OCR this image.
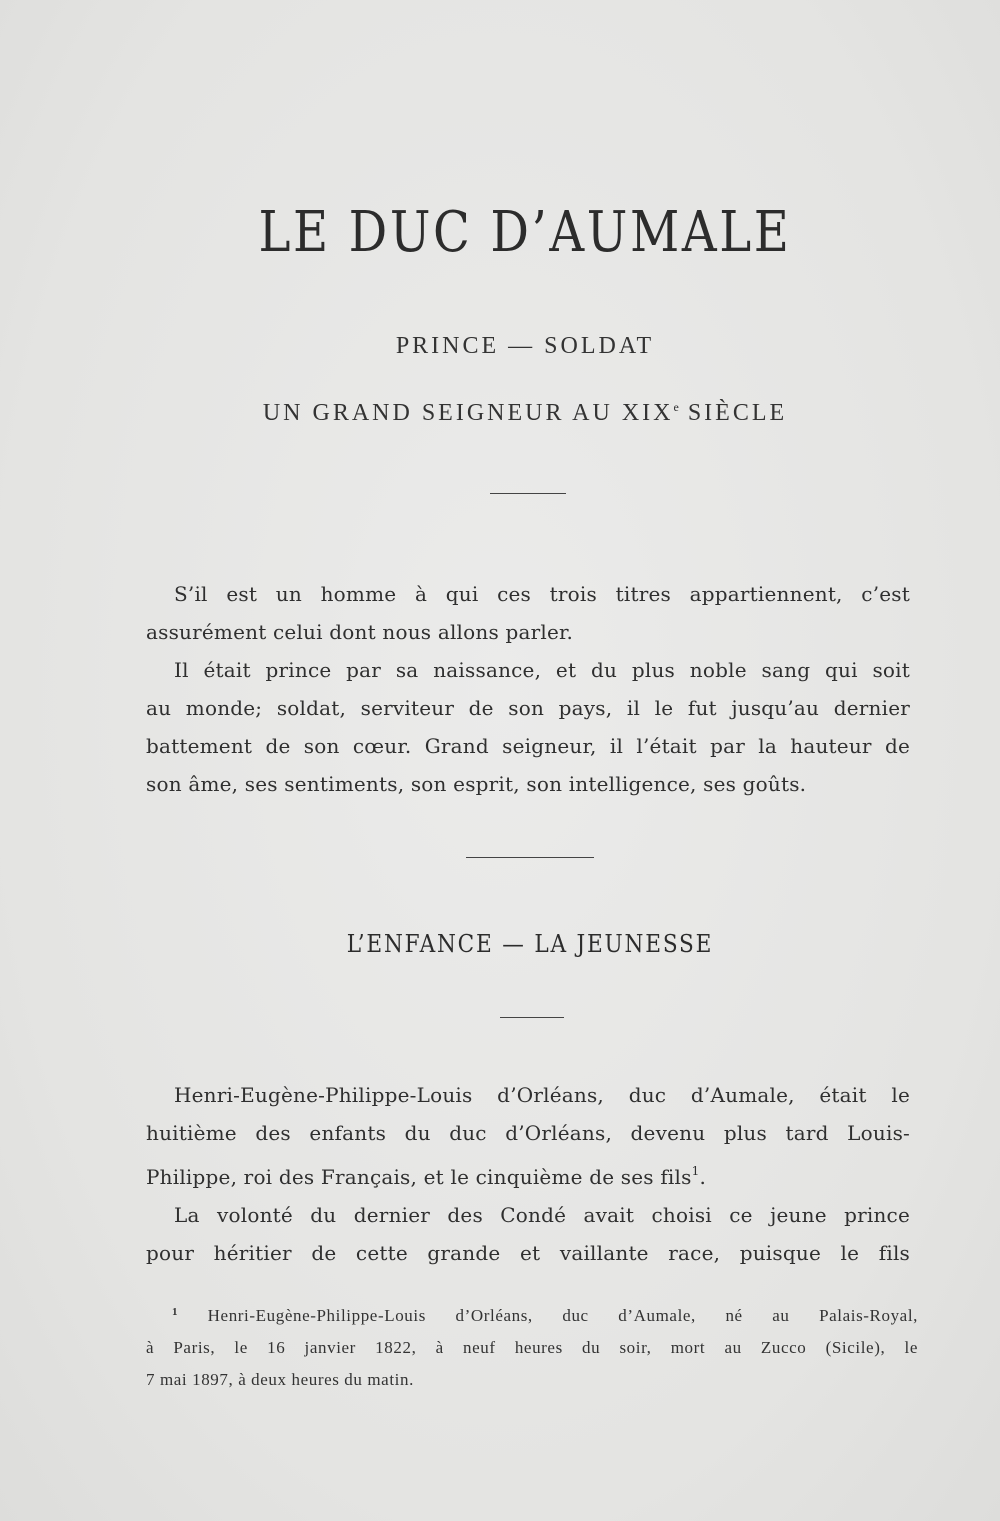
LE DUC D’AUMALE
PRINCE — SOLDAT
UN GRAND SEIGNEUR AU XIXe SIÈCLE
S’il est un homme à qui ces trois titres appartiennent, c’est
assurément celui dont nous allons parler.
Il était prince par sa naissance, et du plus noble sang qui soit
au monde; soldat, serviteur de son pays, il le fut jusqu’au dernier
battement de son cœur. Grand seigneur, il l’était par la hauteur de
son âme, ses sentiments, son esprit, son intelligence, ses goûts.
L’ENFANCE — LA JEUNESSE
Henri-Eugène-Philippe-Louis d’Orléans, duc d’Aumale, était le
huitième des enfants du duc d’Orléans, devenu plus tard Louis-
Philippe, roi des Français, et le cinquième de ses fils$^1$.
La volonté du dernier des Condé avait choisi ce jeune prince
pour héritier de cette grande et vaillante race, puisque le fils
$^1$ Henri-Eugène-Philippe-Louis d’Orléans, duc d’Aumale, né au Palais-Royal,
à Paris, le 16 janvier 1822, à neuf heures du soir, mort au Zucco (Sicile), le
7 mai 1897, à deux heures du matin.
